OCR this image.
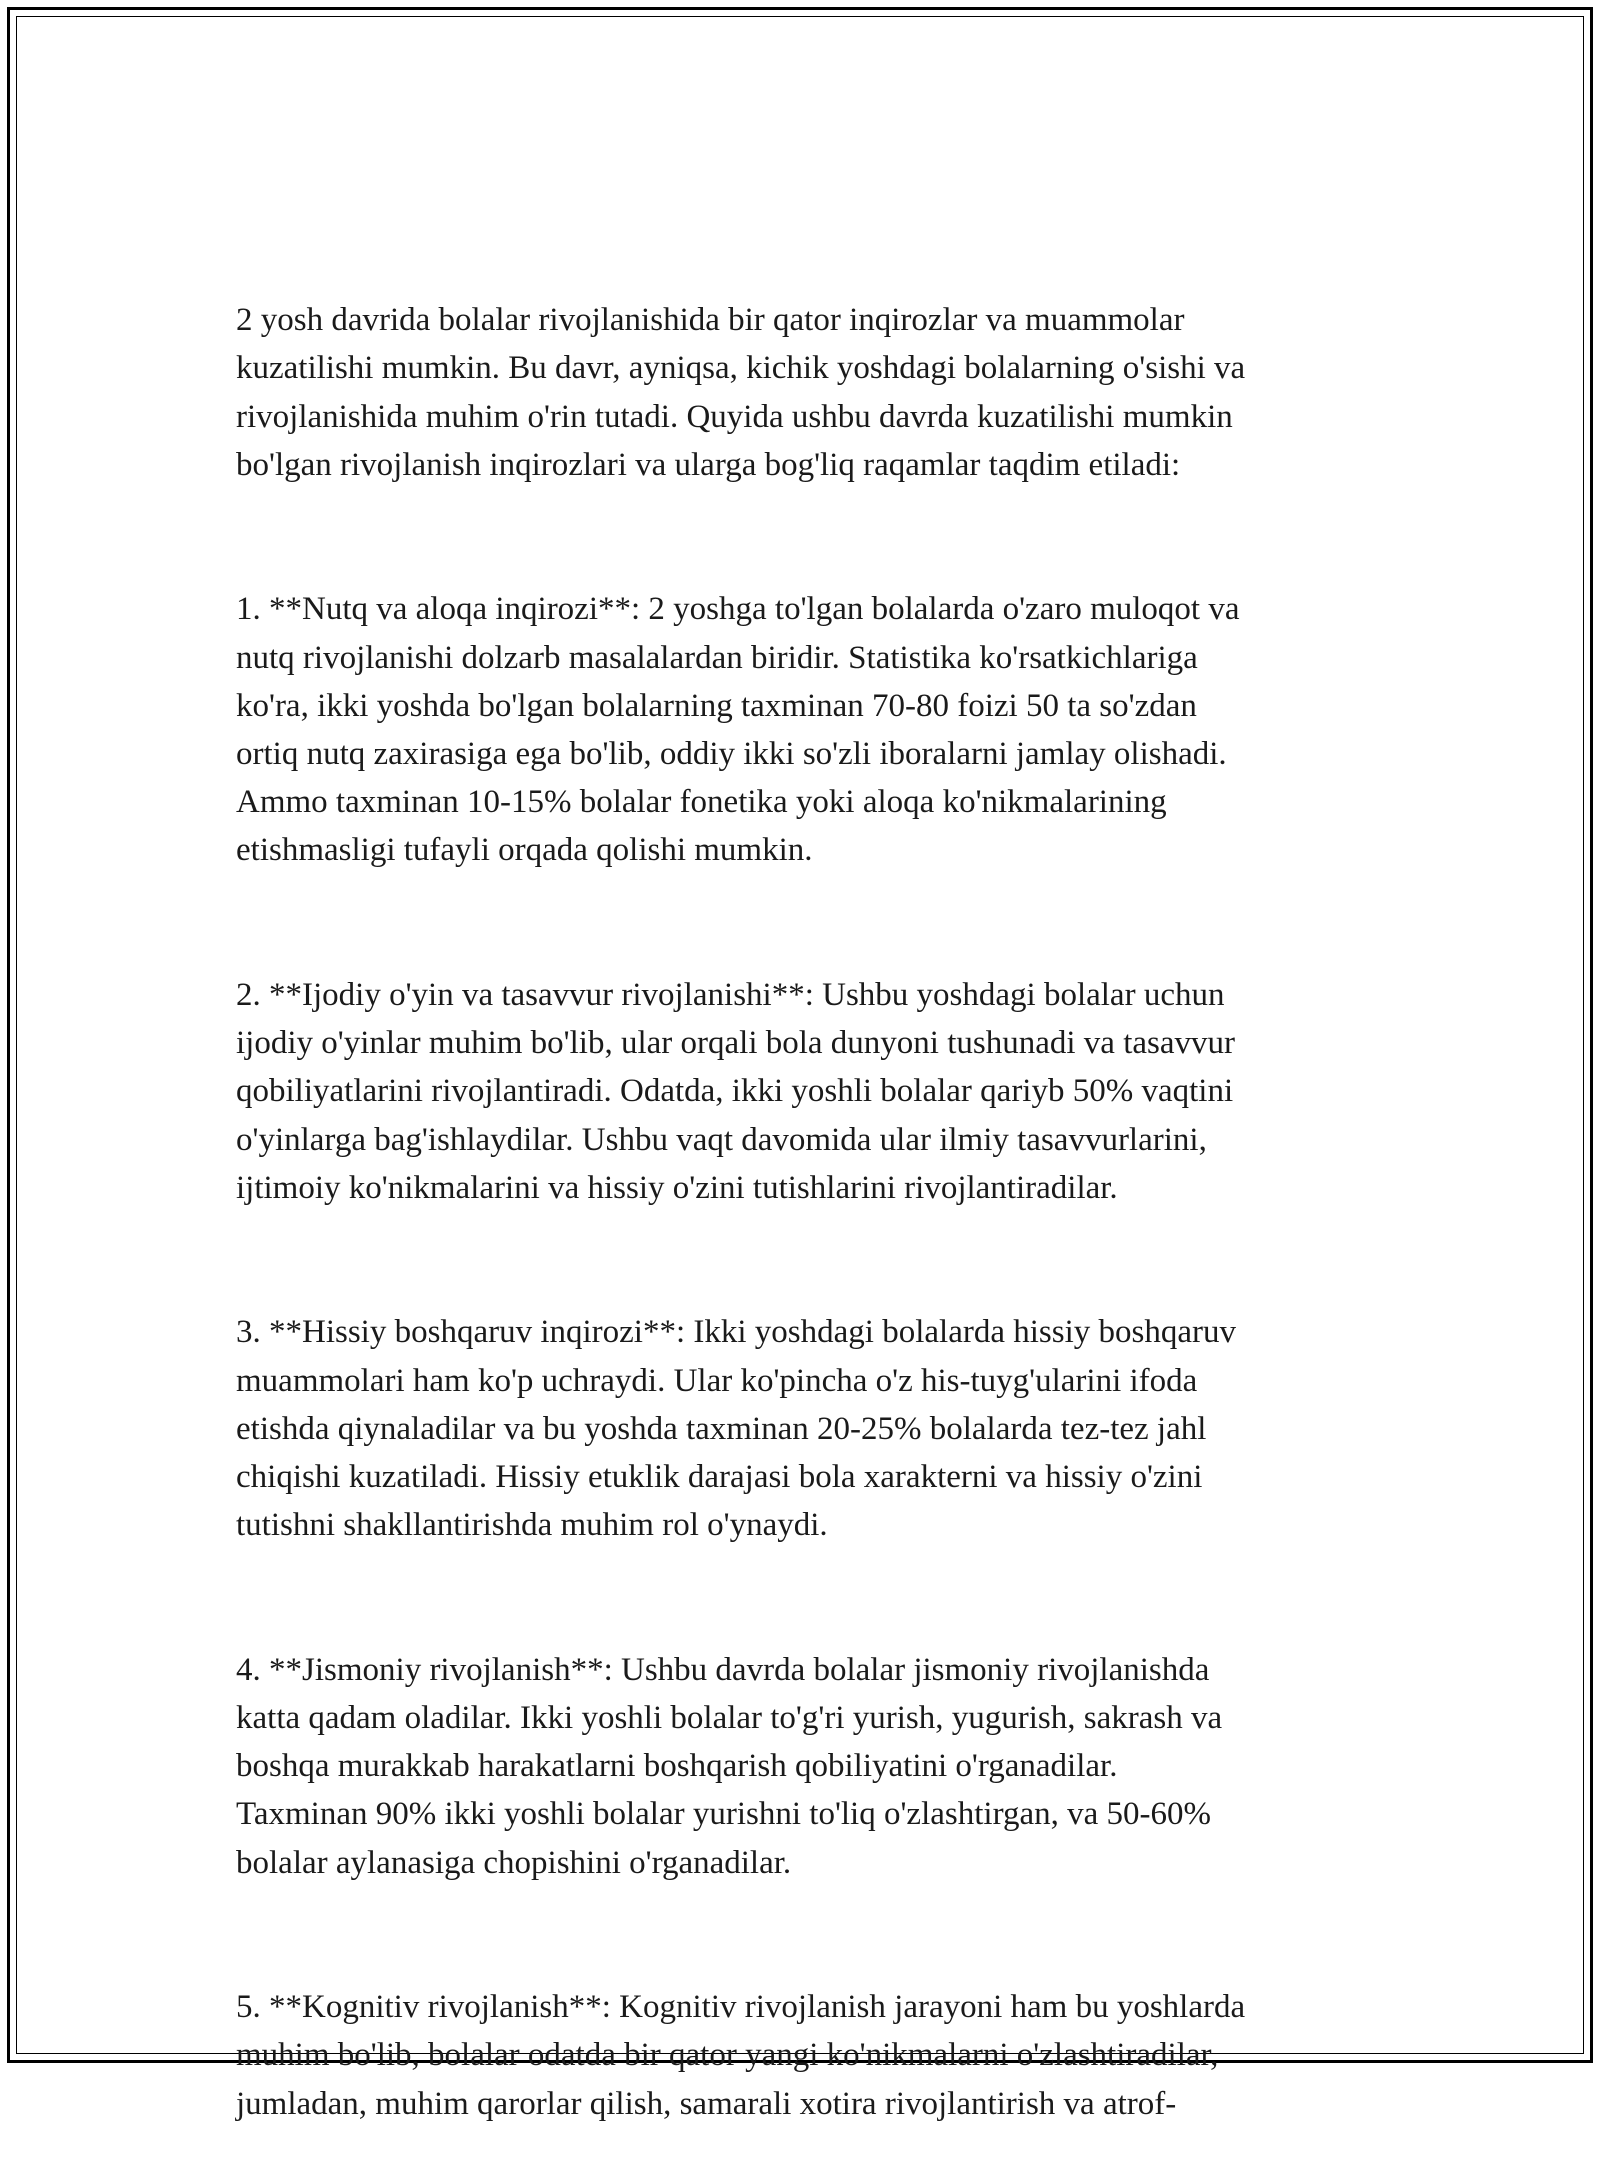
2 yosh davrida bolalar rivojlanishida bir qator inqirozlar va muammolar
kuzatilishi mumkin. Bu davr, ayniqsa, kichik yoshdagi bolalarning o'sishi va
rivojlanishida muhim o'rin tutadi. Quyida ushbu davrda kuzatilishi mumkin
bo'lgan rivojlanish inqirozlari va ularga bog'liq raqamlar taqdim etiladi:

1. **Nutq va aloqa inqirozi**: 2 yoshga to'lgan bolalarda o'zaro muloqot va
nutq rivojlanishi dolzarb masalalardan biridir. Statistika ko'rsatkichlariga
ko'ra, ikki yoshda bo'lgan bolalarning taxminan 70-80 foizi 50 ta so'zdan
ortiq nutq zaxirasiga ega bo'lib, oddiy ikki so'zli iboralarni jamlay olishadi.
Ammo taxminan 10-15% bolalar fonetika yoki aloqa ko'nikmalarining
etishmasligi tufayli orqada qolishi mumkin.

2. **Ijodiy o'yin va tasavvur rivojlanishi**: Ushbu yoshdagi bolalar uchun
ijodiy o'yinlar muhim bo'lib, ular orqali bola dunyoni tushunadi va tasavvur
qobiliyatlarini rivojlantiradi. Odatda, ikki yoshli bolalar qariyb 50% vaqtini
o'yinlarga bag'ishlaydilar. Ushbu vaqt davomida ular ilmiy tasavvurlarini,
ijtimoiy ko'nikmalarini va hissiy o'zini tutishlarini rivojlantiradilar.

3. **Hissiy boshqaruv inqirozi**: Ikki yoshdagi bolalarda hissiy boshqaruv
muammolari ham ko'p uchraydi. Ular ko'pincha o'z his-tuyg'ularini ifoda
etishda qiynaladilar va bu yoshda taxminan 20-25% bolalarda tez-tez jahl
chiqishi kuzatiladi. Hissiy etuklik darajasi bola xarakterni va hissiy o'zini
tutishni shakllantirishda muhim rol o'ynaydi.

4. **Jismoniy rivojlanish**: Ushbu davrda bolalar jismoniy rivojlanishda
katta qadam oladilar. Ikki yoshli bolalar to'g'ri yurish, yugurish, sakrash va
boshqa murakkab harakatlarni boshqarish qobiliyatini o'rganadilar.
Taxminan 90% ikki yoshli bolalar yurishni to'liq o'zlashtirgan, va 50-60%
bolalar aylanasiga chopishini o'rganadilar.

5. **Kognitiv rivojlanish**: Kognitiv rivojlanish jarayoni ham bu yoshlarda
muhim bo'lib, bolalar odatda bir qator yangi ko'nikmalarni o'zlashtiradilar,
jumladan, muhim qarorlar qilish, samarali xotira rivojlantirish va atrof-
